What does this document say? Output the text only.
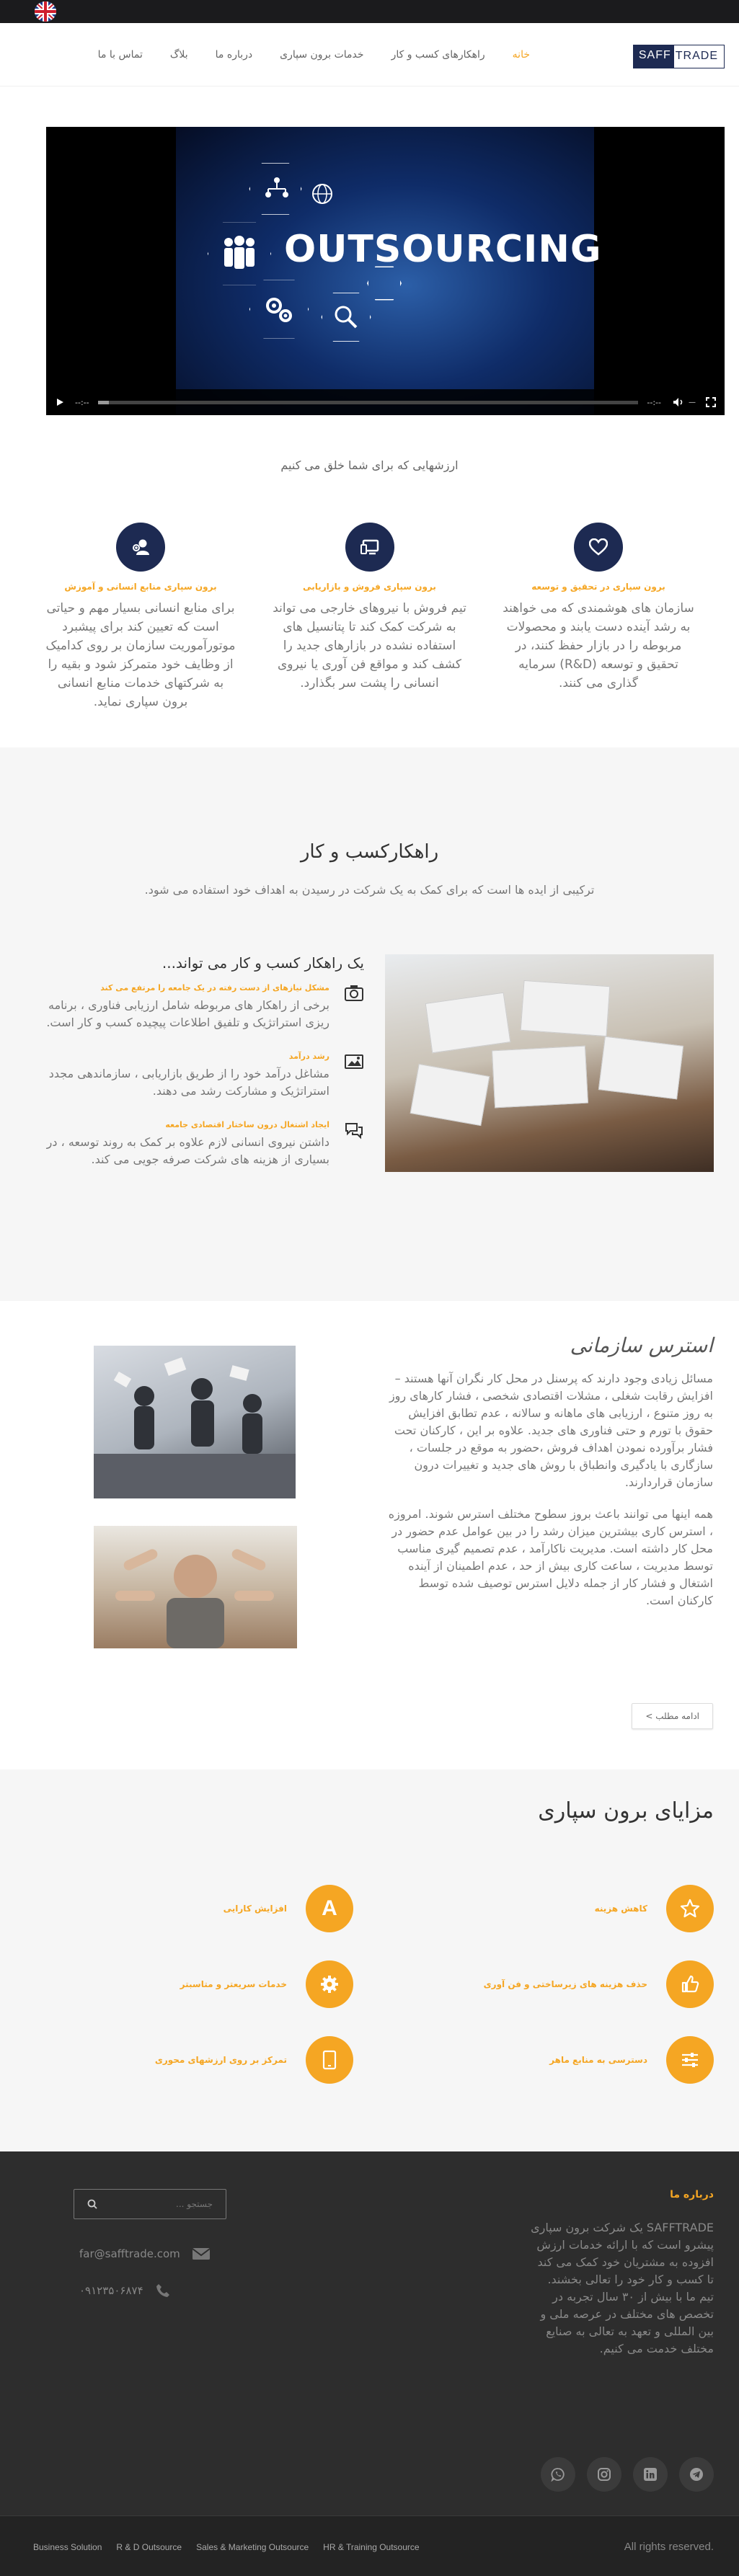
SAFF TRADE
خانه
راهکارهای کسب و کار
خدمات برون سپاری
درباره ما
بلاگ
تماس با ما
OUTSOURCING
--:--	--:--	—
ارزشهایی که برای شما خلق می کنیم
برون سپاری در تحقیق و توسعه

سازمان های هوشمندی که می خواهند به رشد آینده دست یابند و محصولات مربوطه را در بازار حفظ کنند، در تحقیق و توسعه (R&D) سرمایه گذاری می کنند.

برون سپاری فروش و بازاریابی

تیم فروش با نیروهای خارجی می تواند به شرکت کمک کند تا پتانسیل های استفاده نشده در بازارهای جدید را کشف کند و مواقع فن آوری یا نیروی انسانی را پشت سر بگذارد.

برون سپاری منابع انسانی و آموزش

برای منابع انسانی بسیار مهم و حیاتی است که تعیین کند برای پیشبرد موتورآموریت سازمان بر روی کدامیک از وظایف خود متمرکز شود و بقیه را به شرکتهای خدمات منابع انسانی برون سپاری نماید.

راهکارکسب و کار
ترکیبی از ایده ها است که برای کمک به یک شرکت در رسیدن به اهداف خود استفاده می شود.
یک راهکار کسب و کار می تواند...
مشکل نیازهای از دست رفته در یک جامعه را مرتفع می کند

برخی از راهکار های مربوطه شامل ارزیابی فناوری ، برنامه ریزی استراتژیک و تلفیق اطلاعات پیچیده کسب و کار است.

رشد درآمد

مشاغل درآمد خود را از طریق بازاریابی ، سازماندهی مجدد استراتژیک و مشارکت رشد می دهند.

ایجاد اشتغال درون ساختار اقتصادی جامعه

داشتن نیروی انسانی لازم علاوه بر کمک به روند توسعه ، در بسیاری از هزینه های شرکت صرفه جویی می کند.

استرس سازمانی

مسائل زیادی وجود دارند که پرسنل در محل کار نگران آنها هستند – افزایش رقابت شغلی ، مشلات اقتصادی شخصی ، فشار کارهای روز به روز متنوع ، ارزیابی های ماهانه و سالانه ، عدم تطابق افزایش حقوق با تورم و حتی فناوری های جدید. علاوه بر این ، کارکنان تحت فشار برآورده نمودن اهداف فروش ،حضور به موقع در جلسات ، سازگاری با یادگیری وانطباق با روش های جدید و تغییرات درون سازمان قراردارند.

همه اینها می توانند باعث بروز سطوح مختلف استرس شوند. امروزه ، استرس کاری بیشترین میزان رشد را در بین عوامل عدم حضور در محل کار داشته است. مدیریت ناکارآمد ، عدم تصمیم گیری مناسب توسط مدیریت ، ساعت کاری بیش از حد ، عدم اطمینان از آینده اشتغال و فشار کار از جمله دلایل استرس توصیف شده توسط کارکنان است.

ادامه مطلب >
مزایای برون سپاری
کاهش هزینه
A
افزایش کارایی
حذف هزینه های زیرساختی و فن آوری
خدمات سریعتر و متاسبتر
دسترسی به منابع ماهر
تمرکز بر روی ارزشهای محوری
درباره ما

SAFFTRADE یک شرکت برون سپاری پیشرو است که با ارائه خدمات ارزش افزوده به مشتریان خود کمک می کند تا کسب و کار خود را تعالی بخشند. تیم ما با بیش از ۳۰ سال تجربه در تخصص های مختلف در عرصه ملی و بین المللی و تعهد به تعالی به صنایع مختلف خدمت می کنیم.

جستجو ...
far@safftrade.com
۰۹۱۲۳۵۰۶۸۷۴
Business Solution R & D Outsource Sales & Marketing Outsource HR & Training Outsource	All rights reserved.
